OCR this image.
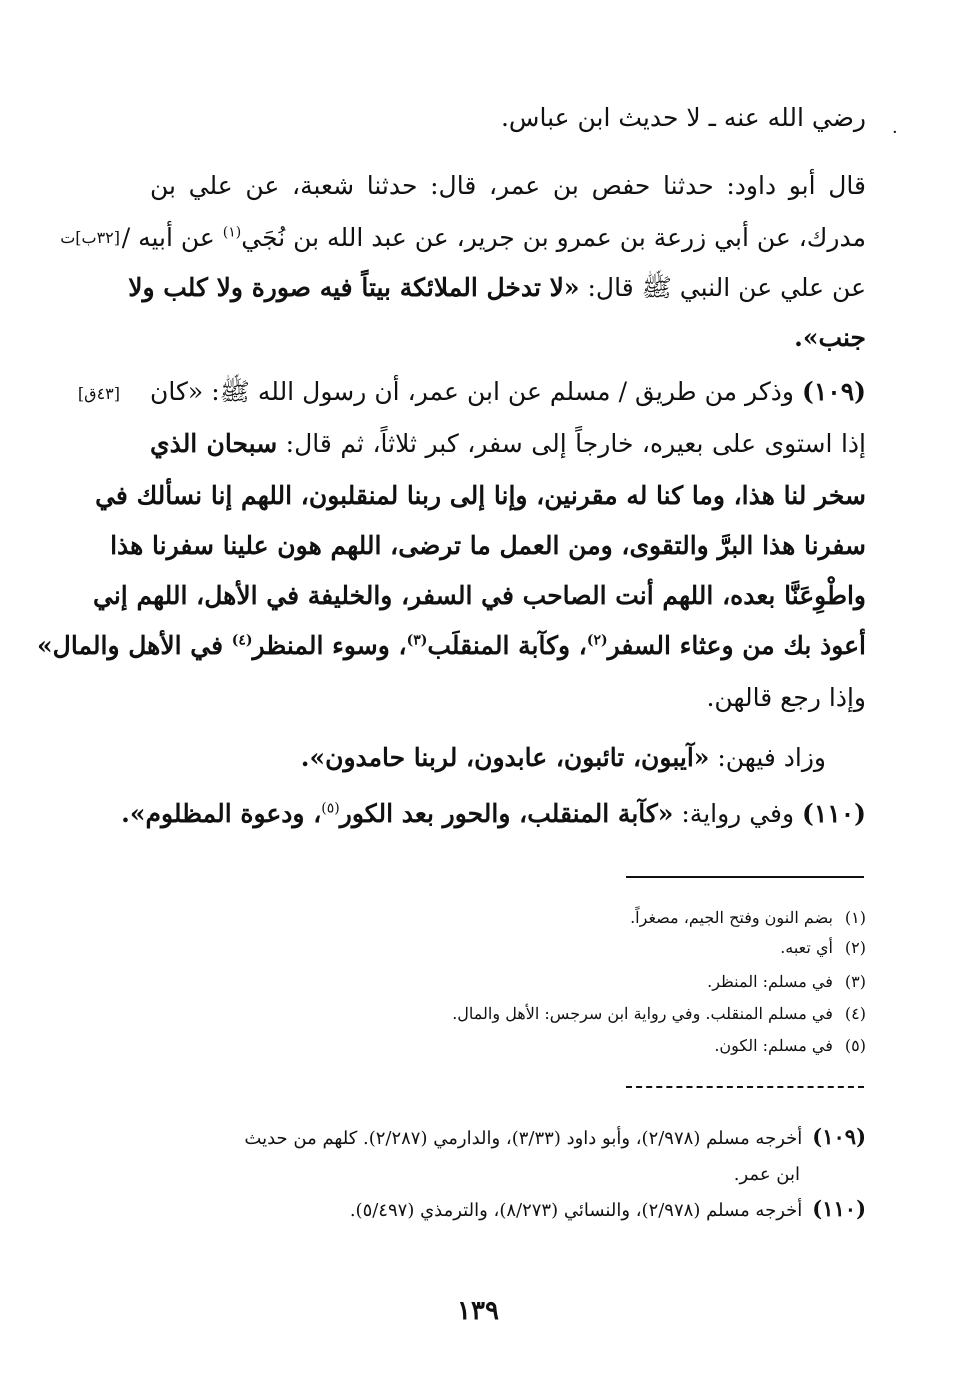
·
رضي الله عنه ـ لا حديث ابن عباس.
قال أبو داود: حدثنا حفص بن عمر، قال: حدثنا شعبة، عن علي بن
[٣٢ب]ت	مدرك، عن أبي زرعة بن عمرو بن جرير، عن عبد الله بن نُجَي$^{(١)}$ عن أبيه /
عن علي عن النبي ﷺ قال: «لا تدخل الملائكة بيتاً فيه صورة ولا كلب ولا
جنب».
[٤٣ق]	(١٠٩) وذكر من طريق / مسلم عن ابن عمر، أن رسول الله ﷺ: «كان
إذا استوى على بعيره، خارجاً إلى سفر، كبر ثلاثاً، ثم قال: سبحان الذي
سخر لنا هذا، وما كنا له مقرنين، وإنا إلى ربنا لمنقلبون، اللهم إنا نسألك في
سفرنا هذا البرَّ والتقوى، ومن العمل ما ترضى، اللهم هون علينا سفرنا هذا
واطْوِعَنَّا بعده، اللهم أنت الصاحب في السفر، والخليفة في الأهل، اللهم إني
أعوذ بك من وعثاء السفر$^{(٢)}$، وكآبة المنقلَب$^{(٣)}$، وسوء المنظر$^{(٤)}$ في الأهل والمال»
وإذا رجع قالهن.
وزاد فيهن: «آيبون، تائبون، عابدون، لربنا حامدون».
(١١٠) وفي رواية: «كآبة المنقلب، والحور بعد الكور$^{(٥)}$، ودعوة المظلوم».
(١) بضم النون وفتح الجيم، مصغراً.
(٢) أي تعبه.
(٣) في مسلم: المنظر.
(٤) في مسلم المنقلب. وفي رواية ابن سرجس: الأهل والمال.
(٥) في مسلم: الكون.
(١٠٩)أخرجه مسلم (٢/٩٧٨)، وأبو داود (٣/٣٣)، والدارمي (٢/٢٨٧). كلهم من حديث
ابن عمر.
(١١٠)أخرجه مسلم (٢/٩٧٨)، والنسائي (٨/٢٧٣)، والترمذي (٥/٤٩٧).
١٣٩
